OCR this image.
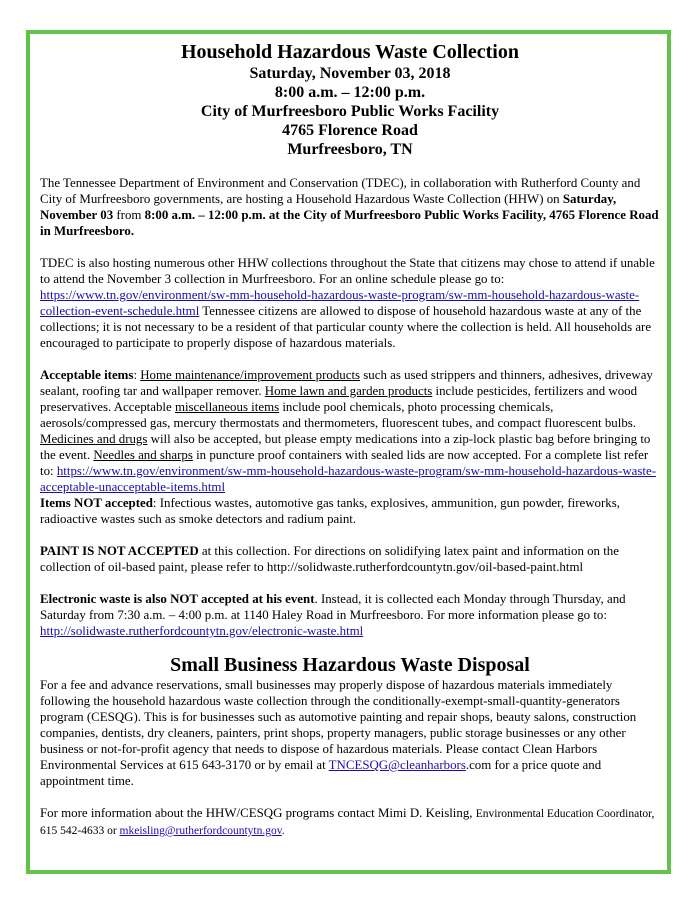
Household Hazardous Waste Collection
Saturday, November 03, 2018
8:00 a.m. – 12:00 p.m.
City of Murfreesboro Public Works Facility
4765 Florence Road
Murfreesboro, TN

The Tennessee Department of Environment and Conservation (TDEC), in collaboration with Rutherford County and City of Murfreesboro governments, are hosting a Household Hazardous Waste Collection (HHW) on Saturday, November 03 from 8:00 a.m. – 12:00 p.m. at the City of Murfreesboro Public Works Facility, 4765 Florence Road in Murfreesboro.

TDEC is also hosting numerous other HHW collections throughout the State that citizens may chose to attend if unable to attend the November 3 collection in Murfreesboro. For an online schedule please go to: https://www.tn.gov/environment/sw-mm-household-hazardous-waste-program/sw-mm-household-hazardous-waste-collection-event-schedule.html Tennessee citizens are allowed to dispose of household hazardous waste at any of the collections; it is not necessary to be a resident of that particular county where the collection is held. All households are encouraged to participate to properly dispose of hazardous materials.

Acceptable items: Home maintenance/improvement products such as used strippers and thinners, adhesives, driveway sealant, roofing tar and wallpaper remover. Home lawn and garden products include pesticides, fertilizers and wood preservatives. Acceptable miscellaneous items include pool chemicals, photo processing chemicals, aerosols/compressed gas, mercury thermostats and thermometers, fluorescent tubes, and compact fluorescent bulbs. Medicines and drugs will also be accepted, but please empty medications into a zip-lock plastic bag before bringing to the event. Needles and sharps in puncture proof containers with sealed lids are now accepted. For a complete list refer to: https://www.tn.gov/environment/sw-mm-household-hazardous-waste-program/sw-mm-household-hazardous-waste-acceptable-unacceptable-items.html

Items NOT accepted: Infectious wastes, automotive gas tanks, explosives, ammunition, gun powder, fireworks, radioactive wastes such as smoke detectors and radium paint.

PAINT IS NOT ACCEPTED at this collection. For directions on solidifying latex paint and information on the collection of oil-based paint, please refer to http://solidwaste.rutherfordcountytn.gov/oil-based-paint.html

Electronic waste is also NOT accepted at his event. Instead, it is collected each Monday through Thursday, and Saturday from 7:30 a.m. – 4:00 p.m. at 1140 Haley Road in Murfreesboro. For more information please go to: http://solidwaste.rutherfordcountytn.gov/electronic-waste.html

Small Business Hazardous Waste Disposal

For a fee and advance reservations, small businesses may properly dispose of hazardous materials immediately following the household hazardous waste collection through the conditionally-exempt-small-quantity-generators program (CESQG). This is for businesses such as automotive painting and repair shops, beauty salons, construction companies, dentists, dry cleaners, painters, print shops, property managers, public storage businesses or any other business or not-for-profit agency that needs to dispose of hazardous materials. Please contact Clean Harbors Environmental Services at 615 643-3170 or by email at TNCESQG@cleanharbors.com for a price quote and appointment time.

For more information about the HHW/CESQG programs contact Mimi D. Keisling, Environmental Education Coordinator, 615 542-4633 or mkeisling@rutherfordcountytn.gov.
